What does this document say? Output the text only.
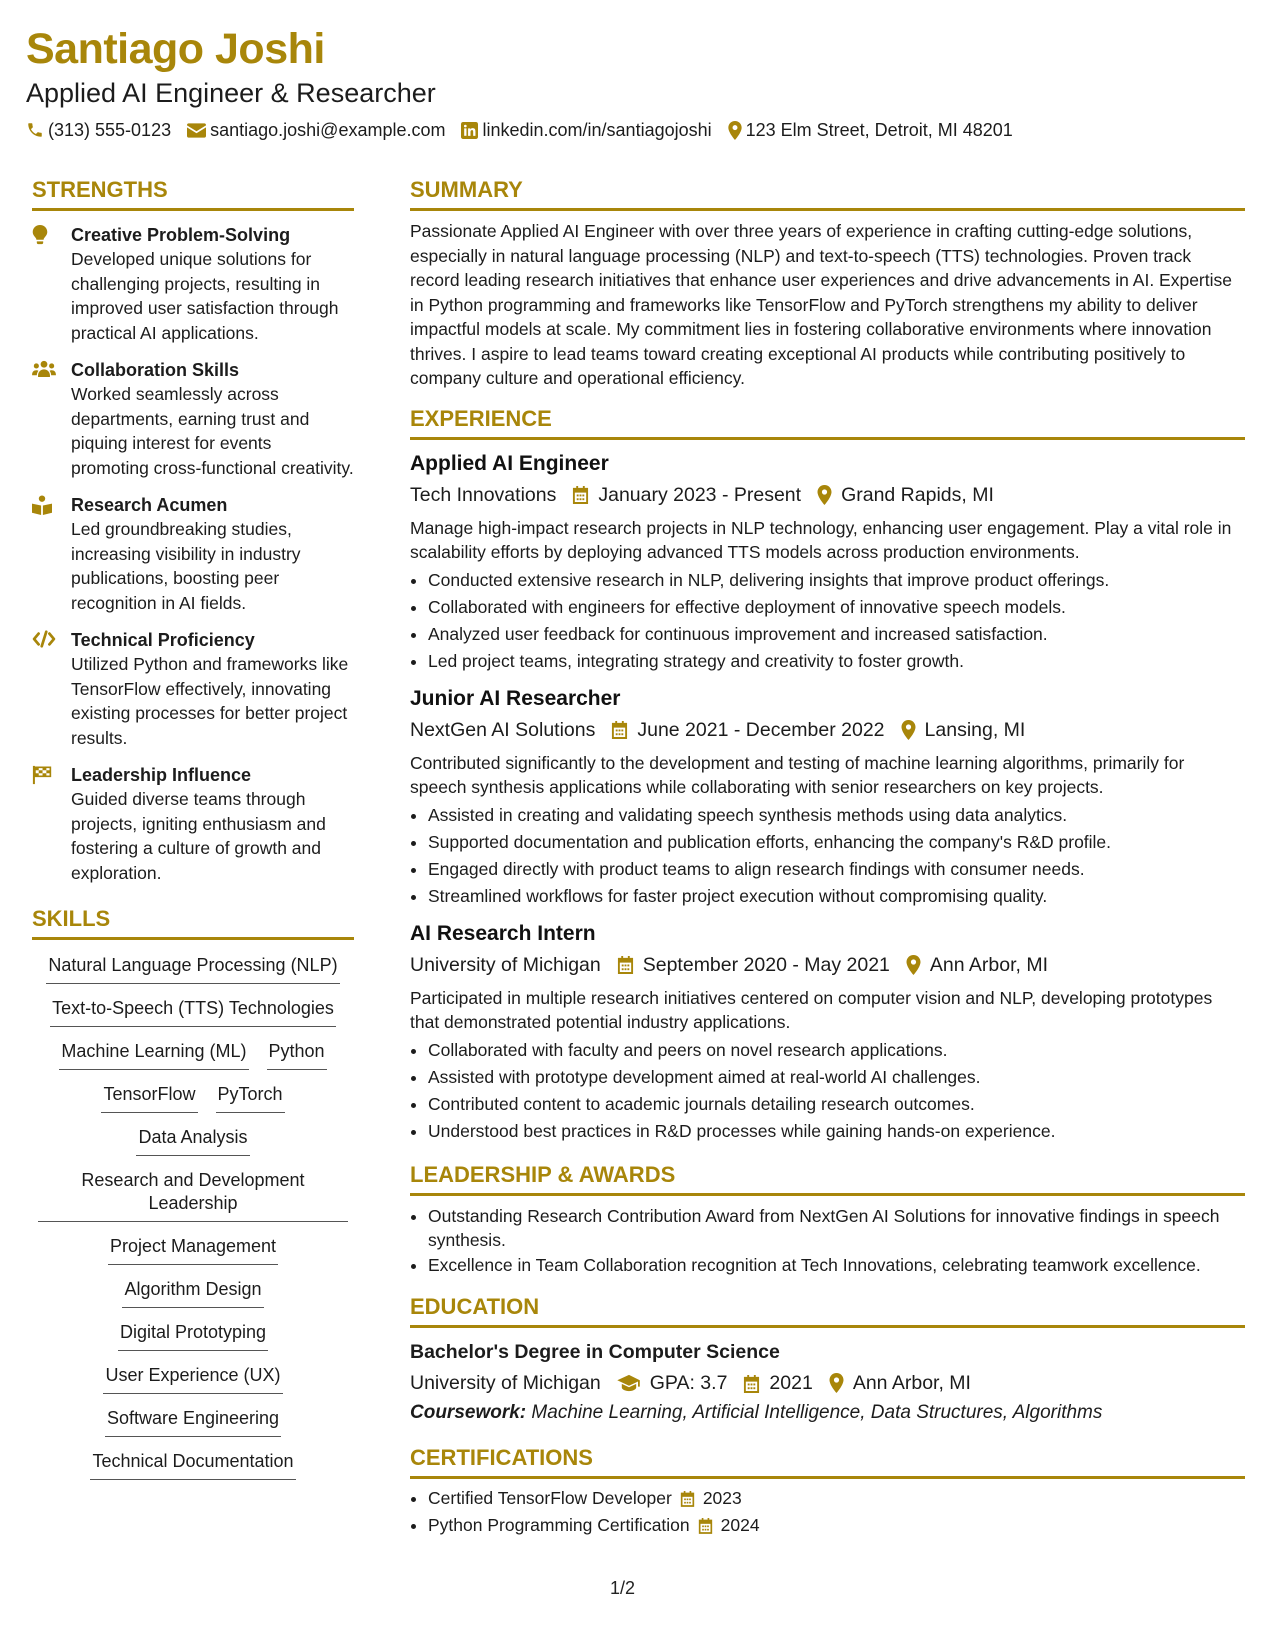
Santiago Joshi
Applied AI Engineer & Researcher
(313) 555-0123 santiago.joshi@example.com linkedin.com/in/santiagojoshi 123 Elm Street, Detroit, MI 48201
STRENGTHS
Creative Problem-Solving
Developed unique solutions for challenging projects, resulting in improved user satisfaction through practical AI applications.
Collaboration Skills
Worked seamlessly across departments, earning trust and piquing interest for events promoting cross-functional creativity.
Research Acumen
Led groundbreaking studies, increasing visibility in industry publications, boosting peer recognition in AI fields.
Technical Proficiency
Utilized Python and frameworks like TensorFlow effectively, innovating existing processes for better project results.
Leadership Influence
Guided diverse teams through projects, igniting enthusiasm and fostering a culture of growth and exploration.
SKILLS
Natural Language Processing (NLP)
Text-to-Speech (TTS) Technologies
Machine Learning (ML) Python
TensorFlow PyTorch
Data Analysis
Research and Development Leadership
Project Management
Algorithm Design
Digital Prototyping
User Experience (UX)
Software Engineering
Technical Documentation
SUMMARY
Passionate Applied AI Engineer with over three years of experience in crafting cutting-edge solutions, especially in natural language processing (NLP) and text-to-speech (TTS) technologies. Proven track record leading research initiatives that enhance user experiences and drive advancements in AI. Expertise in Python programming and frameworks like TensorFlow and PyTorch strengthens my ability to deliver impactful models at scale. My commitment lies in fostering collaborative environments where innovation thrives. I aspire to lead teams toward creating exceptional AI products while contributing positively to company culture and operational efficiency.
EXPERIENCE
Applied AI Engineer
Tech Innovations January 2023 - Present Grand Rapids, MI
Manage high-impact research projects in NLP technology, enhancing user engagement. Play a vital role in scalability efforts by deploying advanced TTS models across production environments.
• Conducted extensive research in NLP, delivering insights that improve product offerings.
• Collaborated with engineers for effective deployment of innovative speech models.
• Analyzed user feedback for continuous improvement and increased satisfaction.
• Led project teams, integrating strategy and creativity to foster growth.
Junior AI Researcher
NextGen AI Solutions June 2021 - December 2022 Lansing, MI
Contributed significantly to the development and testing of machine learning algorithms, primarily for speech synthesis applications while collaborating with senior researchers on key projects.
• Assisted in creating and validating speech synthesis methods using data analytics.
• Supported documentation and publication efforts, enhancing the company's R&D profile.
• Engaged directly with product teams to align research findings with consumer needs.
• Streamlined workflows for faster project execution without compromising quality.
AI Research Intern
University of Michigan September 2020 - May 2021 Ann Arbor, MI
Participated in multiple research initiatives centered on computer vision and NLP, developing prototypes that demonstrated potential industry applications.
• Collaborated with faculty and peers on novel research applications.
• Assisted with prototype development aimed at real-world AI challenges.
• Contributed content to academic journals detailing research outcomes.
• Understood best practices in R&D processes while gaining hands-on experience.
LEADERSHIP & AWARDS
• Outstanding Research Contribution Award from NextGen AI Solutions for innovative findings in speech synthesis.
• Excellence in Team Collaboration recognition at Tech Innovations, celebrating teamwork excellence.
EDUCATION
Bachelor's Degree in Computer Science
University of Michigan	GPA: 3.7 2021 Ann Arbor, MI
Coursework: Machine Learning, Artificial Intelligence, Data Structures, Algorithms
CERTIFICATIONS
• Certified TensorFlow Developer 2023
• Python Programming Certification 2024
1/2
